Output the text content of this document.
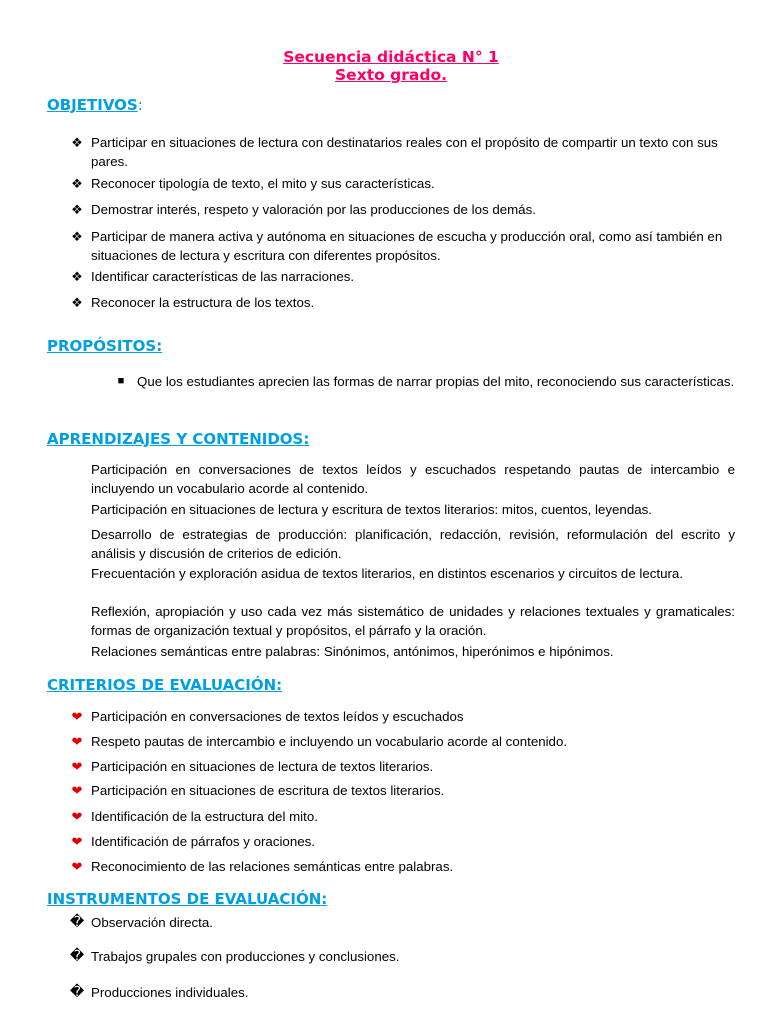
Secuencia didáctica N° 1
Sexto grado.
OBJETIVOS:
❖ Participar en situaciones de lectura con destinatarios reales con el propósito de compartir un texto con sus pares.
❖ Reconocer tipología de texto, el mito y sus características.
❖ Demostrar interés, respeto y valoración por las producciones de los demás.
❖ Participar de manera activa y autónoma en situaciones de escucha y producción oral, como así también en situaciones de lectura y escritura con diferentes propósitos.
❖ Identificar características de las narraciones.
❖ Reconocer la estructura de los textos.
PROPÓSITOS:
■ Que los estudiantes aprecien las formas de narrar propias del mito, reconociendo sus características.
APRENDIZAJES Y CONTENIDOS:
Participación en conversaciones de textos leídos y escuchados respetando pautas de intercambio e incluyendo un vocabulario acorde al contenido.
Participación en situaciones de lectura y escritura de textos literarios: mitos, cuentos, leyendas.
Desarrollo de estrategias de producción: planificación, redacción, revisión, reformulación del escrito y análisis y discusión de criterios de edición.
Frecuentación y exploración asidua de textos literarios, en distintos escenarios y circuitos de lectura.
Reflexión, apropiación y uso cada vez más sistemático de unidades y relaciones textuales y gramaticales: formas de organización textual y propósitos, el párrafo y la oración.
Relaciones semánticas entre palabras: Sinónimos, antónimos, hiperónimos e hipónimos.
CRITERIOS DE EVALUACIÓN:
❤ Participación en conversaciones de textos leídos y escuchados
❤ Respeto pautas de intercambio e incluyendo un vocabulario acorde al contenido.
❤ Participación en situaciones de lectura de textos literarios.
❤ Participación en situaciones de escritura de textos literarios.
❤ Identificación de la estructura del mito.
❤ Identificación de párrafos y oraciones.
❤ Reconocimiento de las relaciones semánticas entre palabras.
INSTRUMENTOS DE EVALUACIÓN:
� Observación directa.
� Trabajos grupales con producciones y conclusiones.
� Producciones individuales.
